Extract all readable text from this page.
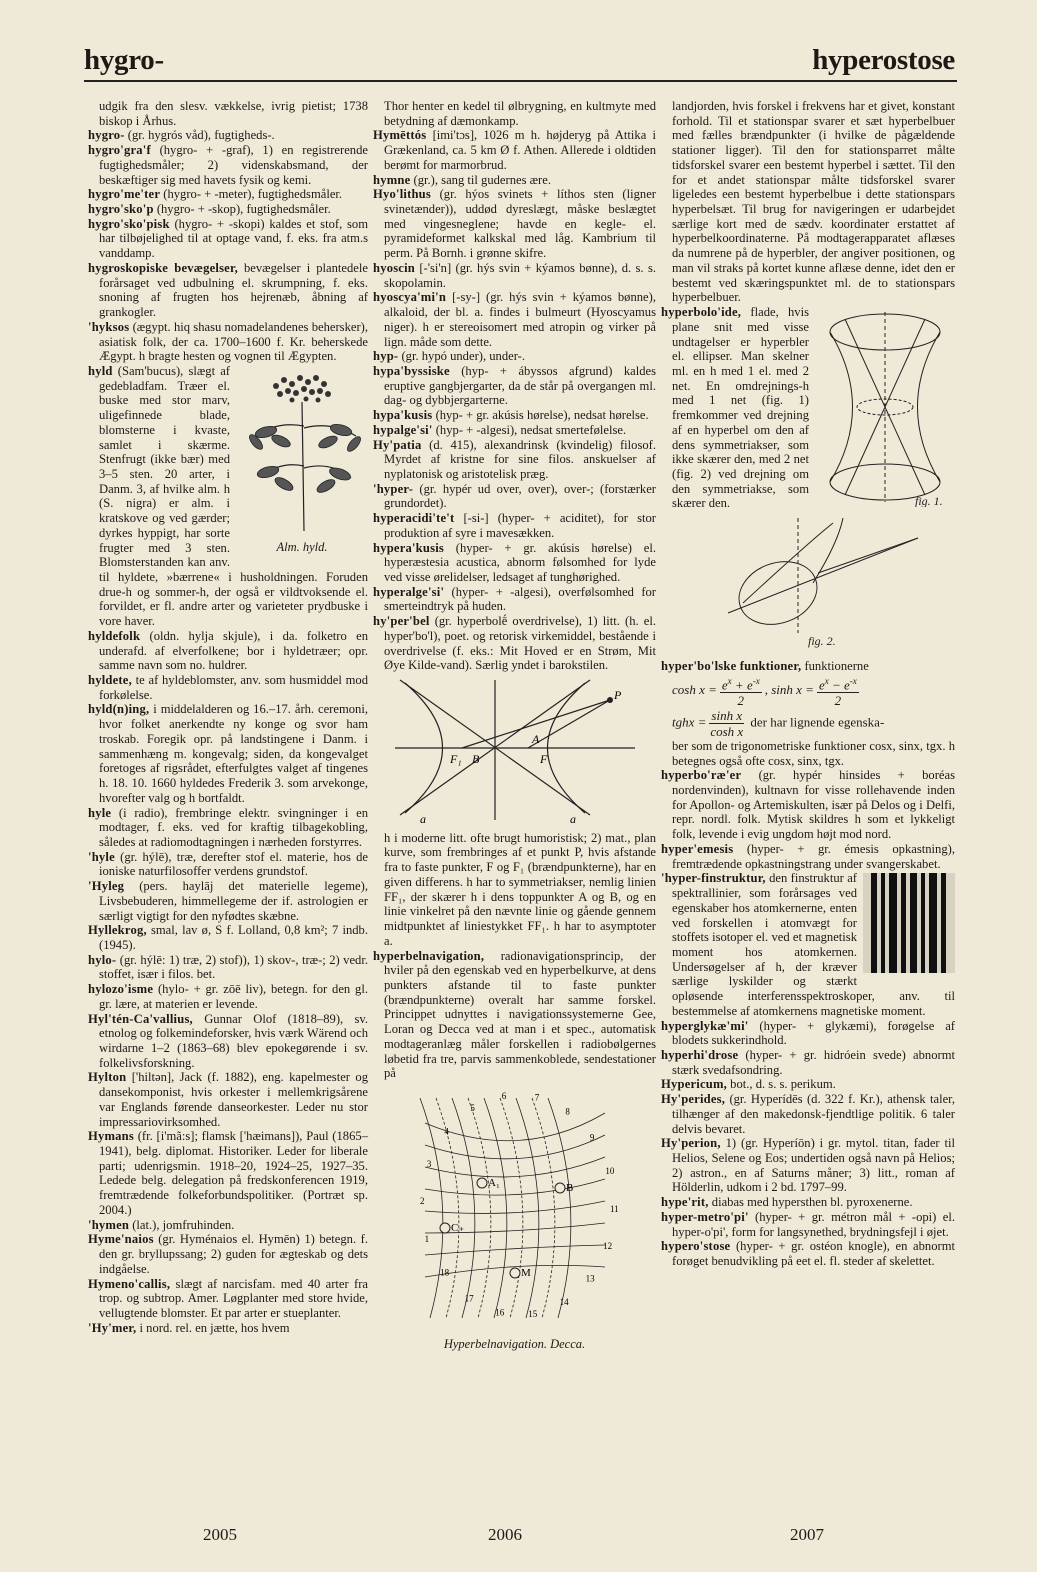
hygro-	hyperostose

udgik fra den slesv. vækkelse, ivrig pietist; 1738 biskop i Århus.

hygro- (gr. hygrós våd), fugtigheds-.

hygro'gra'f (hygro- + -graf), 1) en registrerende fugtighedsmåler; 2) videnskabsmand, der beskæftiger sig med havets fysik og kemi.

hygro'me'ter (hygro- + -meter), fugtighedsmåler.

hygro'sko'p (hygro- + -skop), fugtighedsmåler.

hygro'sko'pisk (hygro- + -skopi) kaldes et stof, som har tilbøjelighed til at optage vand, f. eks. fra atm.s vanddamp.

hygroskopiske bevægelser, bevægelser i plantedele forårsaget ved udbulning el. skrumpning, f. eks. snoning af frugten hos hejrenæb, åbning af grankogler.

'hyksos (ægypt. hiq shasu nomadelandenes behersker), asiatisk folk, der ca. 1700–1600 f. Kr. beherskede Ægypt. h bragte hesten og vognen til Ægypten.

Alm. hyld.

hyld (Sam'bucus), slægt af gedebladfam. Træer el. buske med stor marv, uligefinnede blade, blomsterne i kvaste, samlet i skærme. Stenfrugt (ikke bær) med 3–5 sten. 20 arter, i Danm. 3, af hvilke alm. h (S. nigra) er alm. i kratskove og ved gærder; dyrkes hyppigt, har sorte frugter med 3 sten. Blomsterstanden kan anv. til hyldete, »bærrene« i husholdningen. Foruden drue-h og sommer-h, der også er vildtvoksende el. forvildet, er fl. andre arter og varieteter prydbuske i vore haver.

hyldefolk (oldn. hylja skjule), i da. folketro en underafd. af elverfolkene; bor i hyldetræer; opr. samme navn som no. huldrer.

hyldete, te af hyldeblomster, anv. som husmiddel mod forkølelse.

hyld(n)ing, i middelalderen og 16.–17. årh. ceremoni, hvor folket anerkendte ny konge og svor ham troskab. Foregik opr. på landstingene i Danm. i sammenhæng m. kongevalg; siden, da kongevalget foretoges af rigsrådet, efterfulgtes valget af tingenes h. 18. 10. 1660 hyldedes Frederik 3. som arvekonge, hvorefter valg og h bortfaldt.

hyle (i radio), frembringe elektr. svingninger i en modtager, f. eks. ved for kraftig tilbagekobling, således at radiomodtagningen i nærheden forstyrres.

'hyle (gr. hýlē), træ, derefter stof el. materie, hos de ioniske naturfilosoffer verdens grundstof.

'Hyleg (pers. haylāj det materielle legeme), Livsbebuderen, himmellegeme der if. astrologien er særligt vigtigt for den nyfødtes skæbne.

Hyllekrog, smal, lav ø, S f. Lolland, 0,8 km²; 7 indb. (1945).

hylo- (gr. hýlē: 1) træ, 2) stof)), 1) skov-, træ-; 2) vedr. stoffet, især i filos. bet.

hylozo'isme (hylo- + gr. zōē liv), betegn. for den gl. gr. lære, at materien er levende.

Hyl'tén-Ca'vallius, Gunnar Olof (1818–89), sv. etnolog og folkemindeforsker, hvis værk Wärend och wirdarne 1–2 (1863–68) blev epokegørende i sv. folkelivsforskning.

Hylton ['hiltən], Jack (f. 1882), eng. kapelmester og dansekomponist, hvis orkester i mellemkrigsårene var Englands førende danseorkester. Leder nu stor impressariovirksomhed.

Hymans (fr. [i'mã:s]; flamsk ['hæimans]), Paul (1865–1941), belg. diplomat. Historiker. Leder for liberale parti; udenrigsmin. 1918–20, 1924–25, 1927–35. Ledede belg. delegation på fredskonferencen 1919, fremtrædende folkeforbundspolitiker. (Portræt sp. 2004.)

'hymen (lat.), jomfruhinden.

Hyme'naios (gr. Hyménaios el. Hymēn) 1) betegn. f. den gr. bryllupssang; 2) guden for ægteskab og dets indgåelse.

Hymeno'callis, slægt af narcisfam. med 40 arter fra trop. og subtrop. Amer. Løgplanter med store hvide, vellugtende blomster. Et par arter er stueplanter.

'Hy'mer, i nord. rel. en jætte, hos hvem

Thor henter en kedel til ølbrygning, en kultmyte med betydning af dæmonkamp.

Hymēttós [imi'tɔs], 1026 m h. højderyg på Attika i Grækenland, ca. 5 km Ø f. Athen. Allerede i oldtiden berømt for marmorbrud.

hymne (gr.), sang til gudernes ære.

Hyo'lithus (gr. hýos svinets + líthos sten (ligner svinetænder)), uddød dyreslægt, måske beslægtet med vingesneglene; havde en kegle- el. pyramideformet kalkskal med låg. Kambrium til perm. På Bornh. i grønne skifre.

hyoscin [-'si'n] (gr. hýs svin + kýamos bønne), d. s. s. skopolamin.

hyoscya'mi'n [-sy-] (gr. hýs svin + kýamos bønne), alkaloid, der bl. a. findes i bulmeurt (Hyoscyamus niger). h er stereoisomert med atropin og virker på lign. måde som dette.

hyp- (gr. hypó under), under-.

hypa'byssiske (hyp- + ábyssos afgrund) kaldes eruptive gangbjergarter, da de står på overgangen ml. dag- og dybbjergarterne.

hypa'kusis (hyp- + gr. akúsis hørelse), nedsat hørelse.

hypalge'si' (hyp- + -algesi), nedsat smertefølelse.

Hy'patia (d. 415), alexandrinsk (kvindelig) filosof. Myrdet af kristne for sine filos. anskuelser af nyplatonisk og aristotelisk præg.

'hyper- (gr. hypér ud over, over), over-; (forstærker grundordet).

hyperacidi'te't [-si-] (hyper- + aciditet), for stor produktion af syre i mavesækken.

hypera'kusis (hyper- + gr. akúsis hørelse) el. hyperæstesia acustica, abnorm følsomhed for lyde ved visse ørelidelser, ledsaget af tunghørighed.

hyperalge'si' (hyper- + -algesi), overfølsomhed for smerteindtryk på huden.

hy'per'bel (gr. hyperbolḗ overdrivelse), 1) litt. (h. el. hyper'bo'l), poet. og retorisk virkemiddel, bestående i overdrivelse (f. eks.: Mit Hoved er en Strøm, Mit Øye Kilde-vand). Særlig yndet i barokstilen.

P
A
B
F₁	F
a	a

h i moderne litt. ofte brugt humoristisk; 2) mat., plan kurve, som frembringes af et punkt P, hvis afstande fra to faste punkter, F og F₁ (brændpunkterne), har en given differens. h har to symmetriakser, nemlig linien FF₁, der skærer h i dens toppunkter A og B, og en linie vinkelret på den nævnte linie og gående gennem midtpunktet af liniestykket FF₁. h har to asymptoter a.

hyperbelnavigation, radionavigationsprincip, der hviler på den egenskab ved en hyperbelkurve, at dens punkters afstande til to faste punkter (brændpunkterne) overalt har samme forskel. Princippet udnyttes i navigationssystemerne Gee, Loran og Decca ved at man i et spec., automatisk modtageranlæg måler forskellen i radiobølgernes løbetid fra tre, parvis sammenkoblede, sendestationer på

1
2
3
4
5
6	7
8
9
10
11
12
13
14
15
16
17
18
A₁	B
C₊
M
Hyperbelnavigation. Decca.

landjorden, hvis forskel i frekvens har et givet, konstant forhold. Til et stationspar svarer et sæt hyperbelbuer med fælles brændpunkter (i hvilke de pågældende stationer ligger). Til den for stationsparret målte tidsforskel svarer een bestemt hyperbel i sættet. Til den for et andet stationspar målte tidsforskel svarer ligeledes een bestemt hyperbelbue i dette stationspars hyperbelsæt. Til brug for navigeringen er udarbejdet særlige kort med de sædv. koordinater erstattet af hyperbelkoordinaterne. På modtagerapparatet aflæses da numrene på de hyperbler, der angiver positionen, og man vil straks på kortet kunne aflæse denne, idet den er bestemt ved skæringspunktet ml. de to stationspars hyperbelbuer.

fig. 1.

hyperbolo'ide, flade, hvis plane snit med visse undtagelser er hyperbler el. ellipser. Man skelner ml. en h med 1 el. med 2 net. En omdrejnings-h med 1 net (fig. 1) fremkommer ved drejning af en hyperbel om den af dens symmetriakser, som ikke skærer den, med 2 net (fig. 2) ved drejning om den symmetriakse, som skærer den.

fig. 2.

hyper'bo'lske funktioner, funktionerne

$\cosh x = \frac{e^x + e^{-x}}{2}$ , $\sinh x = \frac{e^x - e^{-x}}{2}$
tghx = $\frac{\text{sinh x}}{\text{cosh x}}$ der har lignende egenska-

ber som de trigonometriske funktioner cosx, sinx, tgx. h betegnes også ofte cosx, sinx, tgx.

hyperbo'ræ'er (gr. hypér hinsides + boréas nordenvinden), kultnavn for visse rollehavende inden for Apollon- og Artemiskulten, især på Delos og i Delfi, repr. nordl. folk. Mytisk skildres h som et lykkeligt folk, levende i evig ungdom højt mod nord.

hyper'emesis (hyper- + gr. émesis opkastning), fremtrædende opkastningstrang under svangerskabet.

'hyper-finstruktur, den finstruktur af spektrallinier, som forårsages ved egenskaber hos atomkernerne, enten ved forskellen i atomvægt for stoffets isotoper el. ved et magnetisk moment hos atomkernen. Undersøgelser af h, der kræver særlige lyskilder og stærkt opløsende interferensspektroskoper, anv. til bestemmelse af atomkernens magnetiske moment.

hyperglykæ'mi' (hyper- + glykæmi), forøgelse af blodets sukkerindhold.

hyperhi'drose (hyper- + gr. hidróein svede) abnormt stærk svedafsondring.

Hypericum, bot., d. s. s. perikum.

Hy'perides, (gr. Hyperídēs (d. 322 f. Kr.), athensk taler, tilhænger af den makedonsk-fjendtlige politik. 6 taler delvis bevaret.

Hy'perion, 1) (gr. Hyperíōn) i gr. mytol. titan, fader til Helios, Selene og Eos; undertiden også navn på Helios; 2) astron., en af Saturns måner; 3) litt., roman af Hölderlin, udkom i 2 bd. 1797–99.

hype'rit, diabas med hypersthen bl. pyroxenerne.

hyper-metro'pi' (hyper- + gr. métron mål + -opi) el. hyper-o'pi', form for langsynethed, brydningsfejl i øjet.

hypero'stose (hyper- + gr. ostéon knogle), en abnormt forøget benudvikling på eet el. fl. steder af skelettet.

2005	2006	2007
